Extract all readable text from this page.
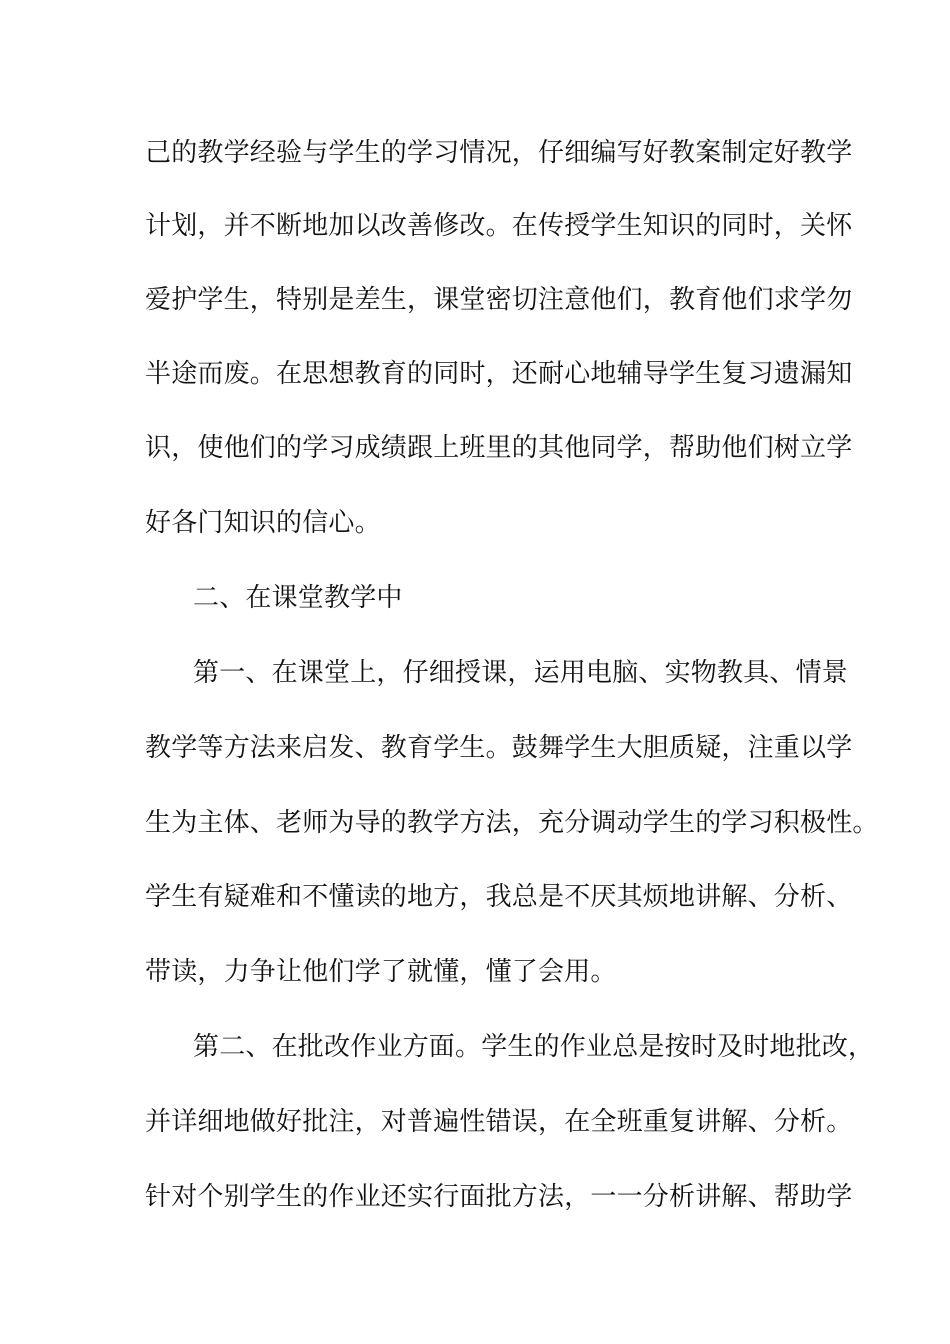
己的教学经验与学生的学习情况，仔细编写好教案制定好教学
计划，并不断地加以改善修改。在传授学生知识的同时，关怀
爱护学生，特别是差生，课堂密切注意他们，教育他们求学勿
半途而废。在思想教育的同时，还耐心地辅导学生复习遗漏知
识，使他们的学习成绩跟上班里的其他同学，帮助他们树立学
好各门知识的信心。
二、在课堂教学中
第一、在课堂上，仔细授课，运用电脑、实物教具、情景
教学等方法来启发、教育学生。鼓舞学生大胆质疑，注重以学
生为主体、老师为导的教学方法，充分调动学生的学习积极性。
学生有疑难和不懂读的地方，我总是不厌其烦地讲解、分析、
带读，力争让他们学了就懂，懂了会用。
第二、在批改作业方面。学生的作业总是按时及时地批改，
并详细地做好批注，对普遍性错误，在全班重复讲解、分析。
针对个别学生的作业还实行面批方法，一一分析讲解、帮助学
